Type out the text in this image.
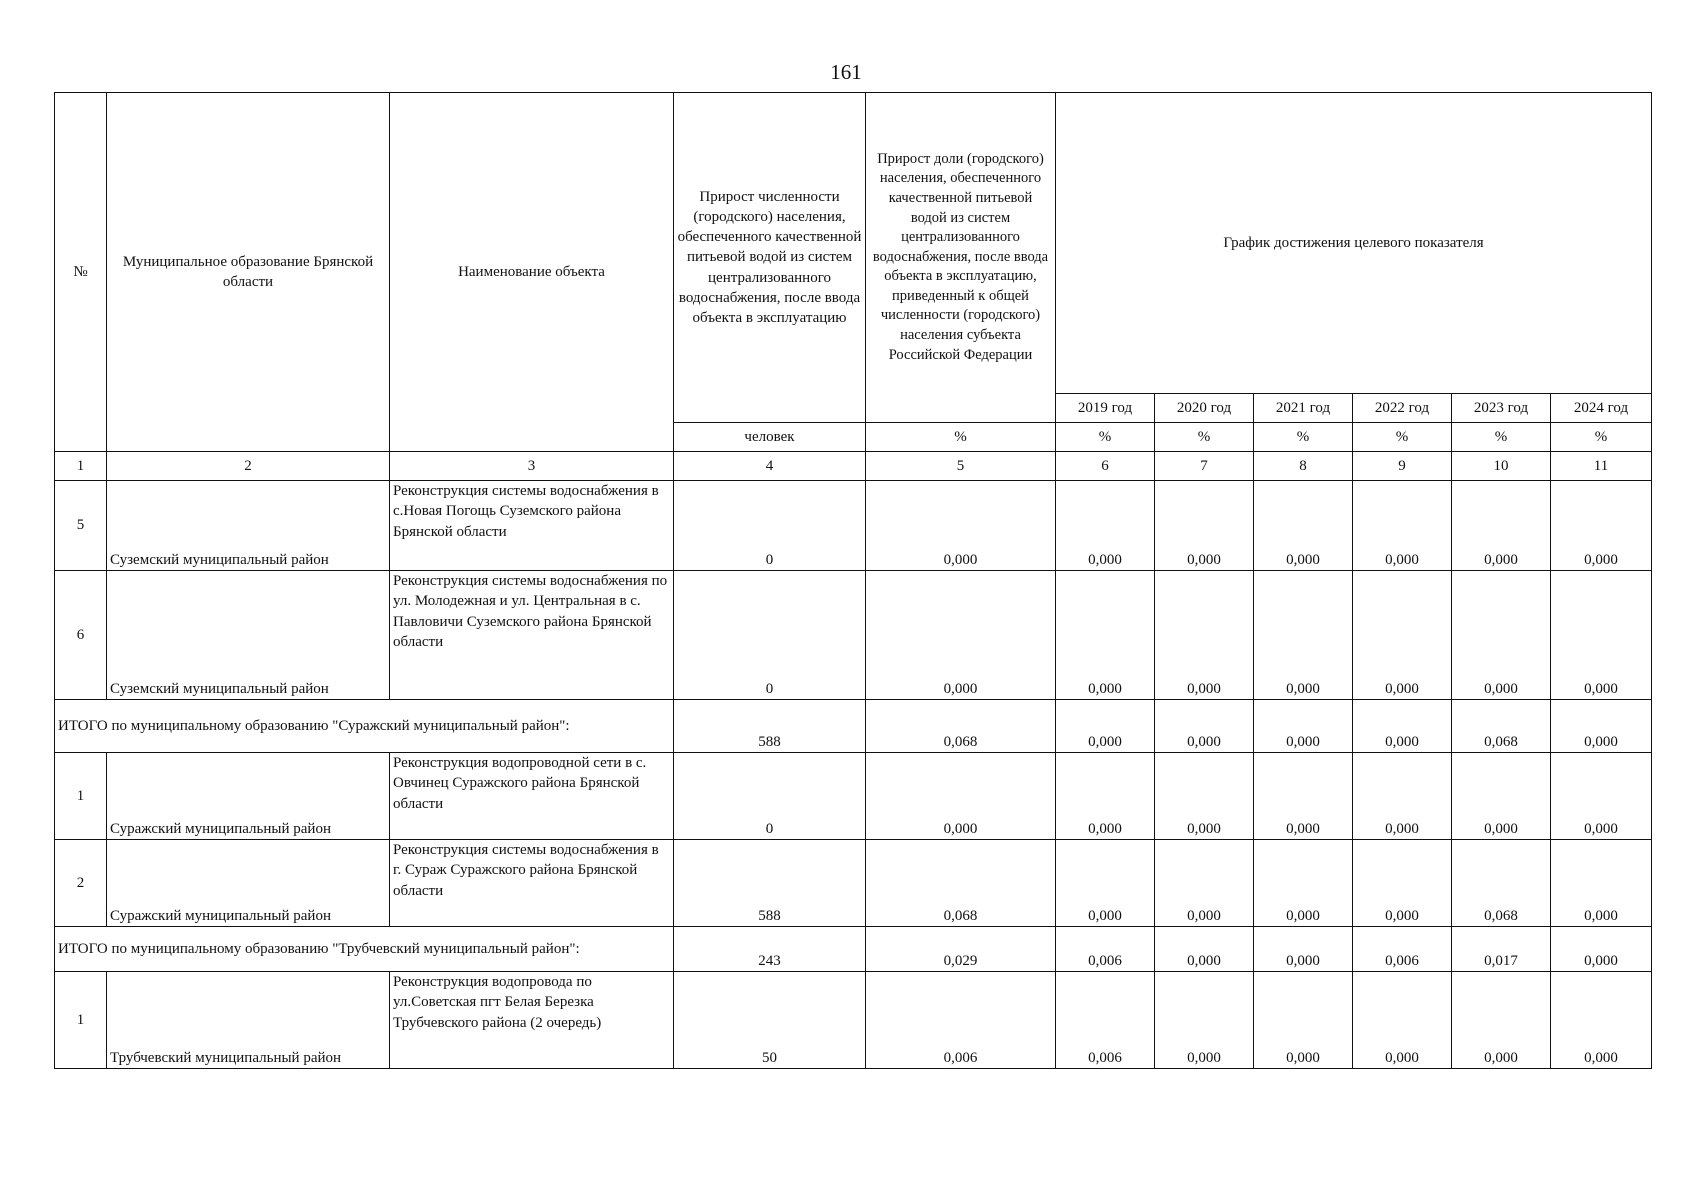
161
№	Муниципальное образование Брянской области	Наименование объекта	Прирост численности (городского) населения, обеспеченного качественной питьевой водой из систем централизованного водоснабжения, после ввода объекта в эксплуатацию	Прирост доли (городского) населения, обеспеченного качественной питьевой водой из систем централизованного водоснабжения, после ввода объекта в эксплуатацию, приведенный к общей численности (городского) населения субъекта Российской Федерации	График достижения целевого показателя					
					2019 год	2020 год	2021 год	2022 год	2023 год	2024 год
			человек	%	%	%	%	%	%	%
1	2	3	4	5	6	7	8	9	10	11
5	Суземский муниципальный район	Реконструкция системы водоснабжения в с.Новая Погощь Суземского района Брянской области	0	0,000	0,000	0,000	0,000	0,000	0,000	0,000
6	Суземский муниципальный район	Реконструкция системы водоснабжения по ул. Молодежная и ул. Центральная в с. Павловичи Суземского района Брянской области	0	0,000	0,000	0,000	0,000	0,000	0,000	0,000
ИТОГО по муниципальному образованию "Суражский муниципальный район":			588	0,068	0,000	0,000	0,000	0,000	0,068	0,000
1	Суражский муниципальный район	Реконструкция водопроводной сети в с. Овчинец Суражского района Брянской области	0	0,000	0,000	0,000	0,000	0,000	0,000	0,000
2	Суражский муниципальный район	Реконструкция системы водоснабжения в г. Сураж Суражского района Брянской области	588	0,068	0,000	0,000	0,000	0,000	0,068	0,000
ИТОГО по муниципальному образованию "Трубчевский муниципальный район":			243	0,029	0,006	0,000	0,000	0,006	0,017	0,000
1	Трубчевский муниципальный район	Реконструкция водопровода по ул.Советская пгт Белая Березка Трубчевского района (2 очередь)	50	0,006	0,006	0,000	0,000	0,000	0,000	0,000
